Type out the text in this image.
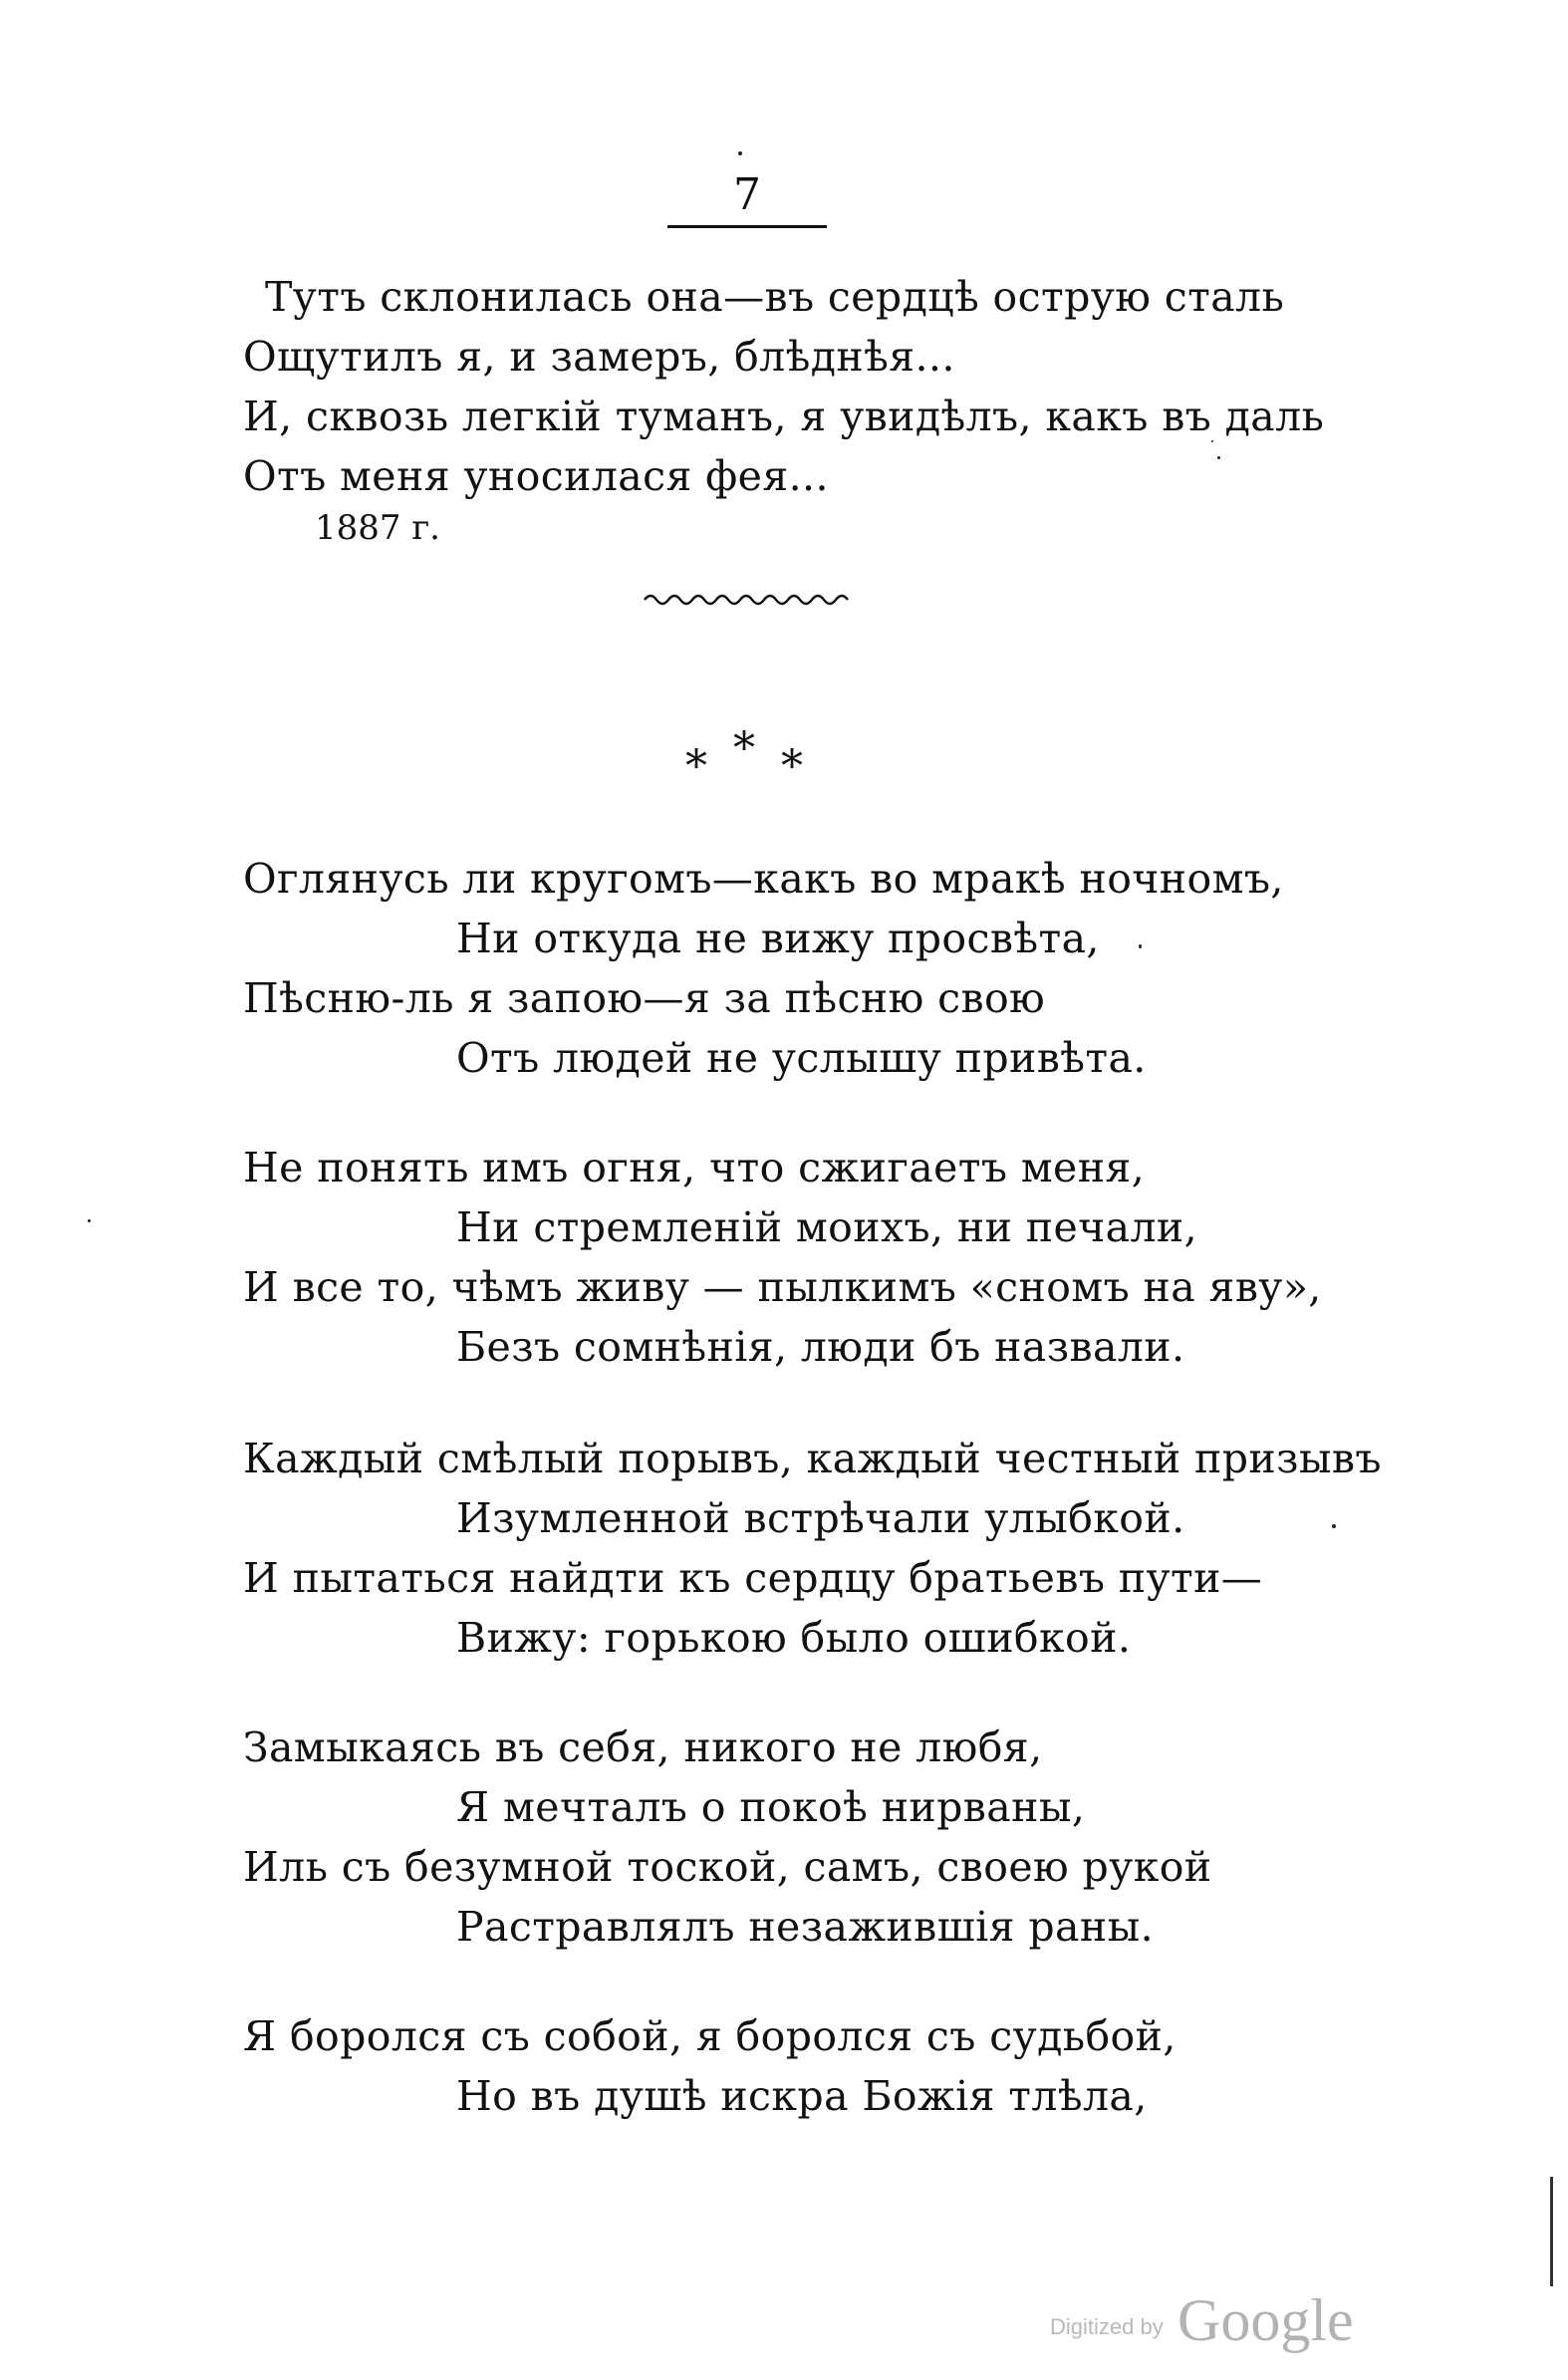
7
Тутъ склонилась она—въ сердцѣ острую сталь
Ощутилъ я, и замеръ, блѣднѣя...
И, сквозь легкій туманъ, я увидѣлъ, какъ въ даль
Отъ меня уносилася фея...
1887 г.
* * *
Оглянусь ли кругомъ—какъ во мракѣ ночномъ,
Ни откуда не вижу просвѣта,
Пѣсню-ль я запою—я за пѣсню свою
Отъ людей не услышу привѣта.
Не понять имъ огня, что сжигаетъ меня,
Ни стремленій моихъ, ни печали,
И все то, чѣмъ живу — пылкимъ «сномъ на яву»,
Безъ сомнѣнія, люди бъ назвали.
Каждый смѣлый порывъ, каждый честный призывъ
Изумленной встрѣчали улыбкой.
И пытаться найдти къ сердцу братьевъ пути—
Вижу: горькою было ошибкой.
Замыкаясь въ себя, никого не любя,
Я мечталъ о покоѣ нирваны,
Иль съ безумной тоской, самъ, своею рукой
Растравлялъ незажившія раны.
Я боролся съ собой, я боролся съ судьбой,
Но въ душѣ искра Божія тлѣла,
Digitized by Google
